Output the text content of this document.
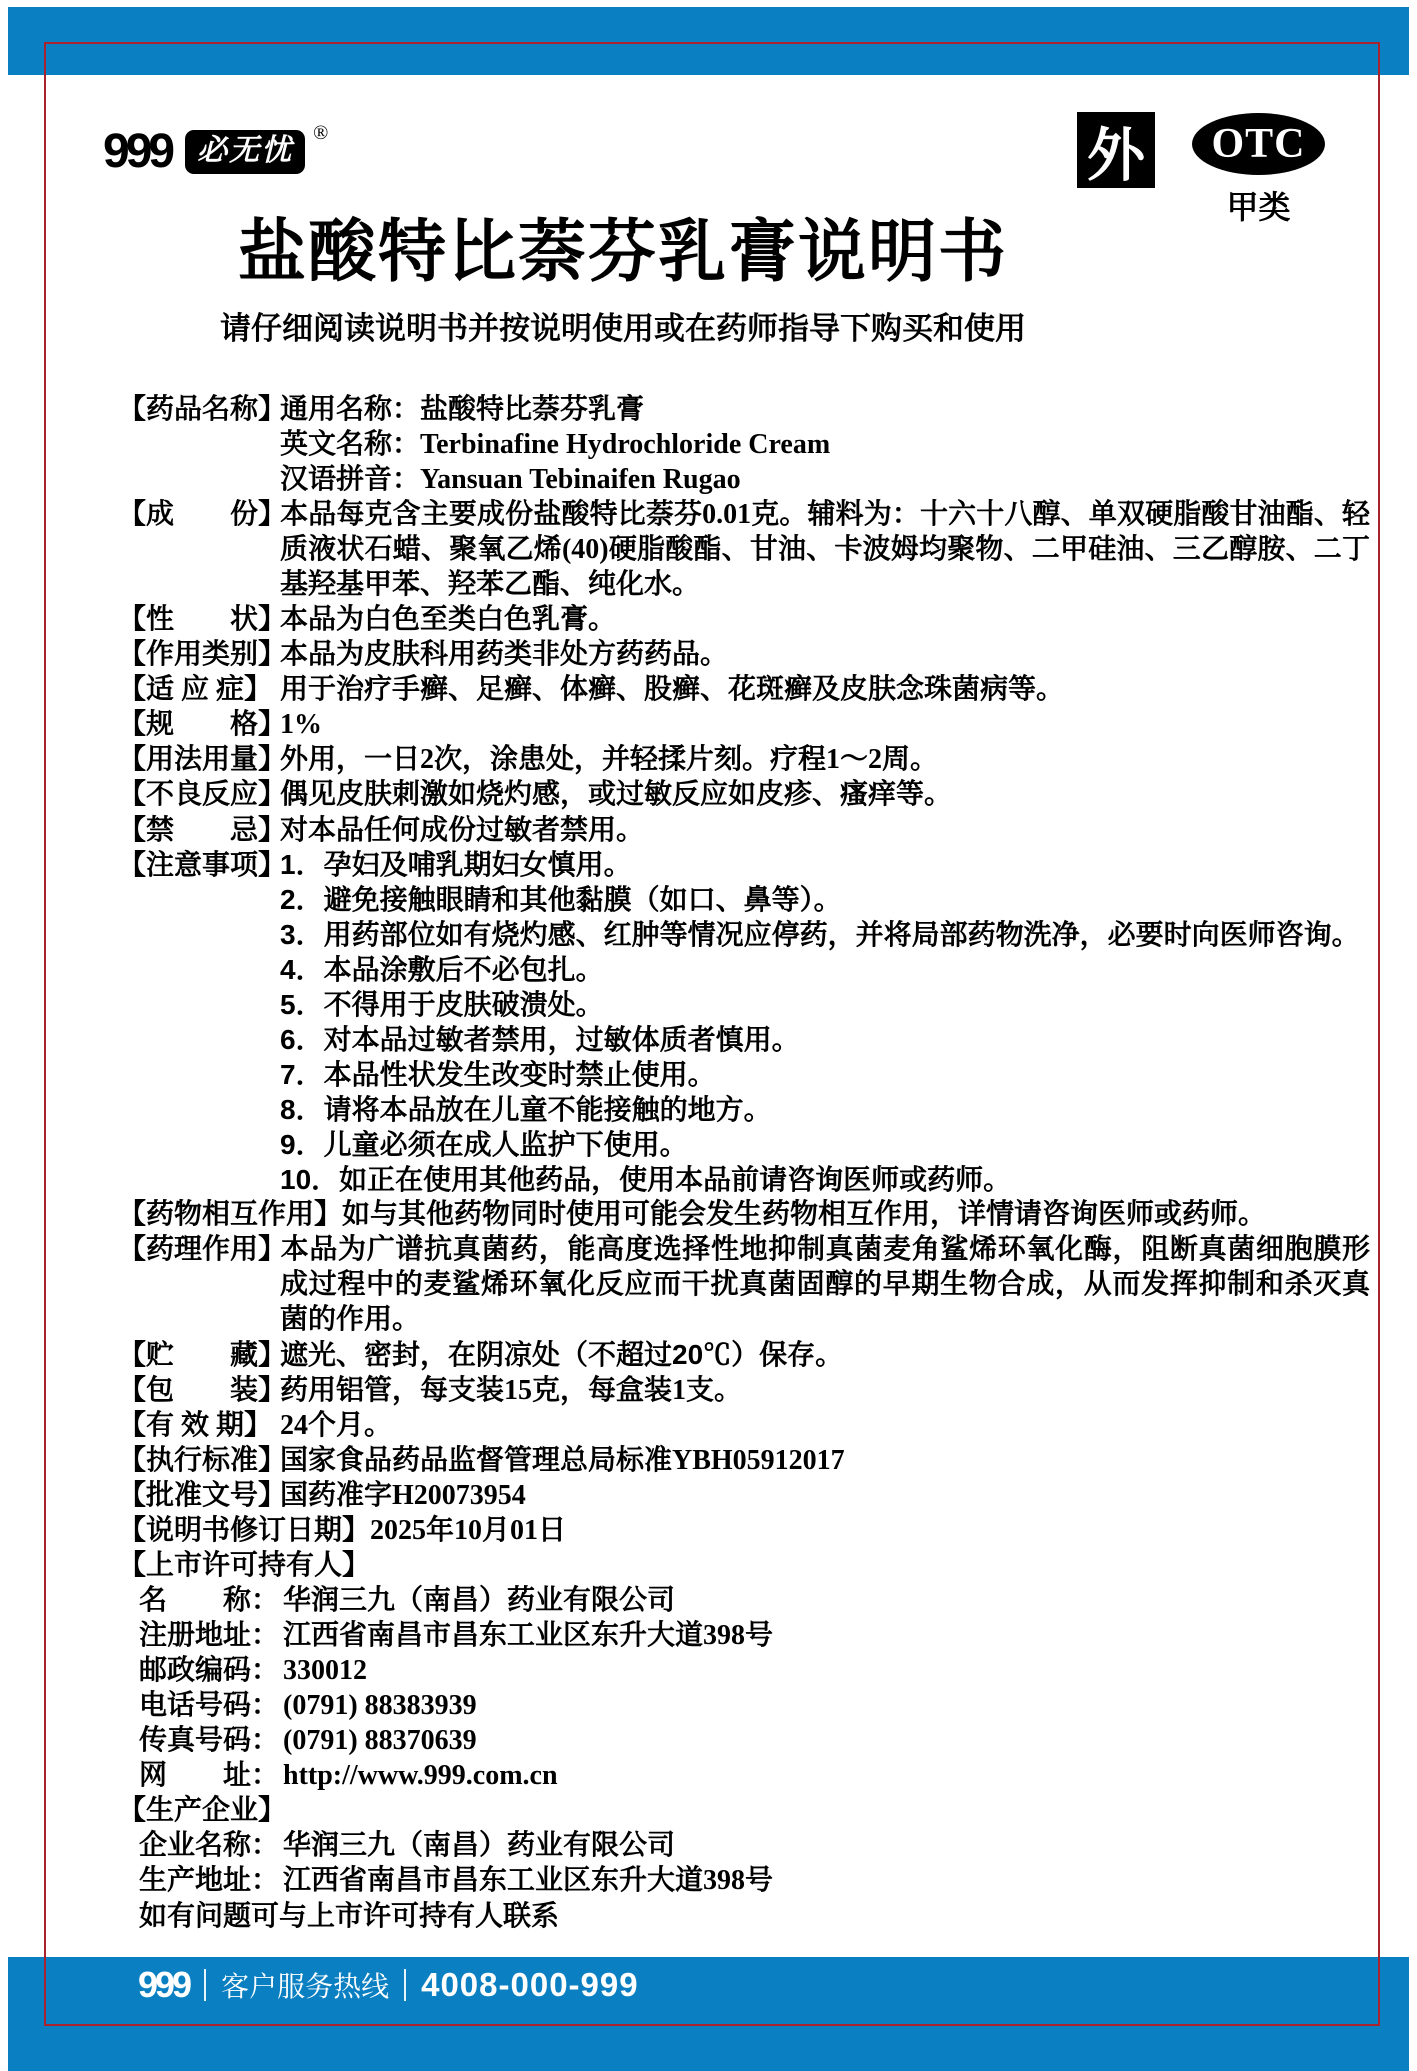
999 必无忧
®	外	OTC
甲类
盐酸特比萘芬乳膏说明书
请仔细阅读说明书并按说明使用或在药师指导下购买和使用
【药品名称】通用名称：盐酸特比萘芬乳膏
英文名称：Terbinafine Hydrochloride Cream
汉语拼音：Yansuan Tebinaifen Rugao
【成　　份】本品每克含主要成份盐酸特比萘芬0.01克。辅料为：十六十八醇、单双硬脂酸甘油酯、轻质液状石蜡、聚氧乙烯(40)硬脂酸酯、甘油、卡波姆均聚物、二甲硅油、三乙醇胺、二丁基羟基甲苯、羟苯乙酯、纯化水。
【性　　状】本品为白色至类白色乳膏。
【作用类别】本品为皮肤科用药类非处方药药品。
【适 应 症】 用于治疗手癣、足癣、体癣、股癣、花斑癣及皮肤念珠菌病等。
【规　　格】1%
【用法用量】外用，一日2次，涂患处，并轻揉片刻。疗程1～2周。
【不良反应】偶见皮肤刺激如烧灼感，或过敏反应如皮疹、瘙痒等。
【禁　　忌】对本品任何成份过敏者禁用。
【注意事项】1．孕妇及哺乳期妇女慎用。
2．避免接触眼睛和其他黏膜（如口、鼻等）。
3．用药部位如有烧灼感、红肿等情况应停药，并将局部药物洗净，必要时向医师咨询。
4．本品涂敷后不必包扎。
5．不得用于皮肤破溃处。
6．对本品过敏者禁用，过敏体质者慎用。
7．本品性状发生改变时禁止使用。
8．请将本品放在儿童不能接触的地方。
9．儿童必须在成人监护下使用。
10．如正在使用其他药品，使用本品前请咨询医师或药师。
【药物相互作用】如与其他药物同时使用可能会发生药物相互作用，详情请咨询医师或药师。
【药理作用】本品为广谱抗真菌药，能高度选择性地抑制真菌麦角鲨烯环氧化酶，阻断真菌细胞膜形成过程中的麦鲨烯环氧化反应而干扰真菌固醇的早期生物合成，从而发挥抑制和杀灭真菌的作用。
【贮　　藏】遮光、密封，在阴凉处（不超过20℃）保存。
【包　　装】药用铝管，每支装15克，每盒装1支。
【有 效 期】 24个月。
【执行标准】国家食品药品监督管理总局标准YBH05912017
【批准文号】国药准字H20073954
【说明书修订日期】2025年10月01日
【上市许可持有人】
名　　称： 华润三九（南昌）药业有限公司
注册地址： 江西省南昌市昌东工业区东升大道398号
邮政编码： 330012
电话号码： (0791) 88383939
传真号码： (0791) 88370639
网　　址： http://www.999.com.cn
【生产企业】
企业名称： 华润三九（南昌）药业有限公司
生产地址： 江西省南昌市昌东工业区东升大道398号
如有问题可与上市许可持有人联系
999 客户服务热线 4008-000-999
